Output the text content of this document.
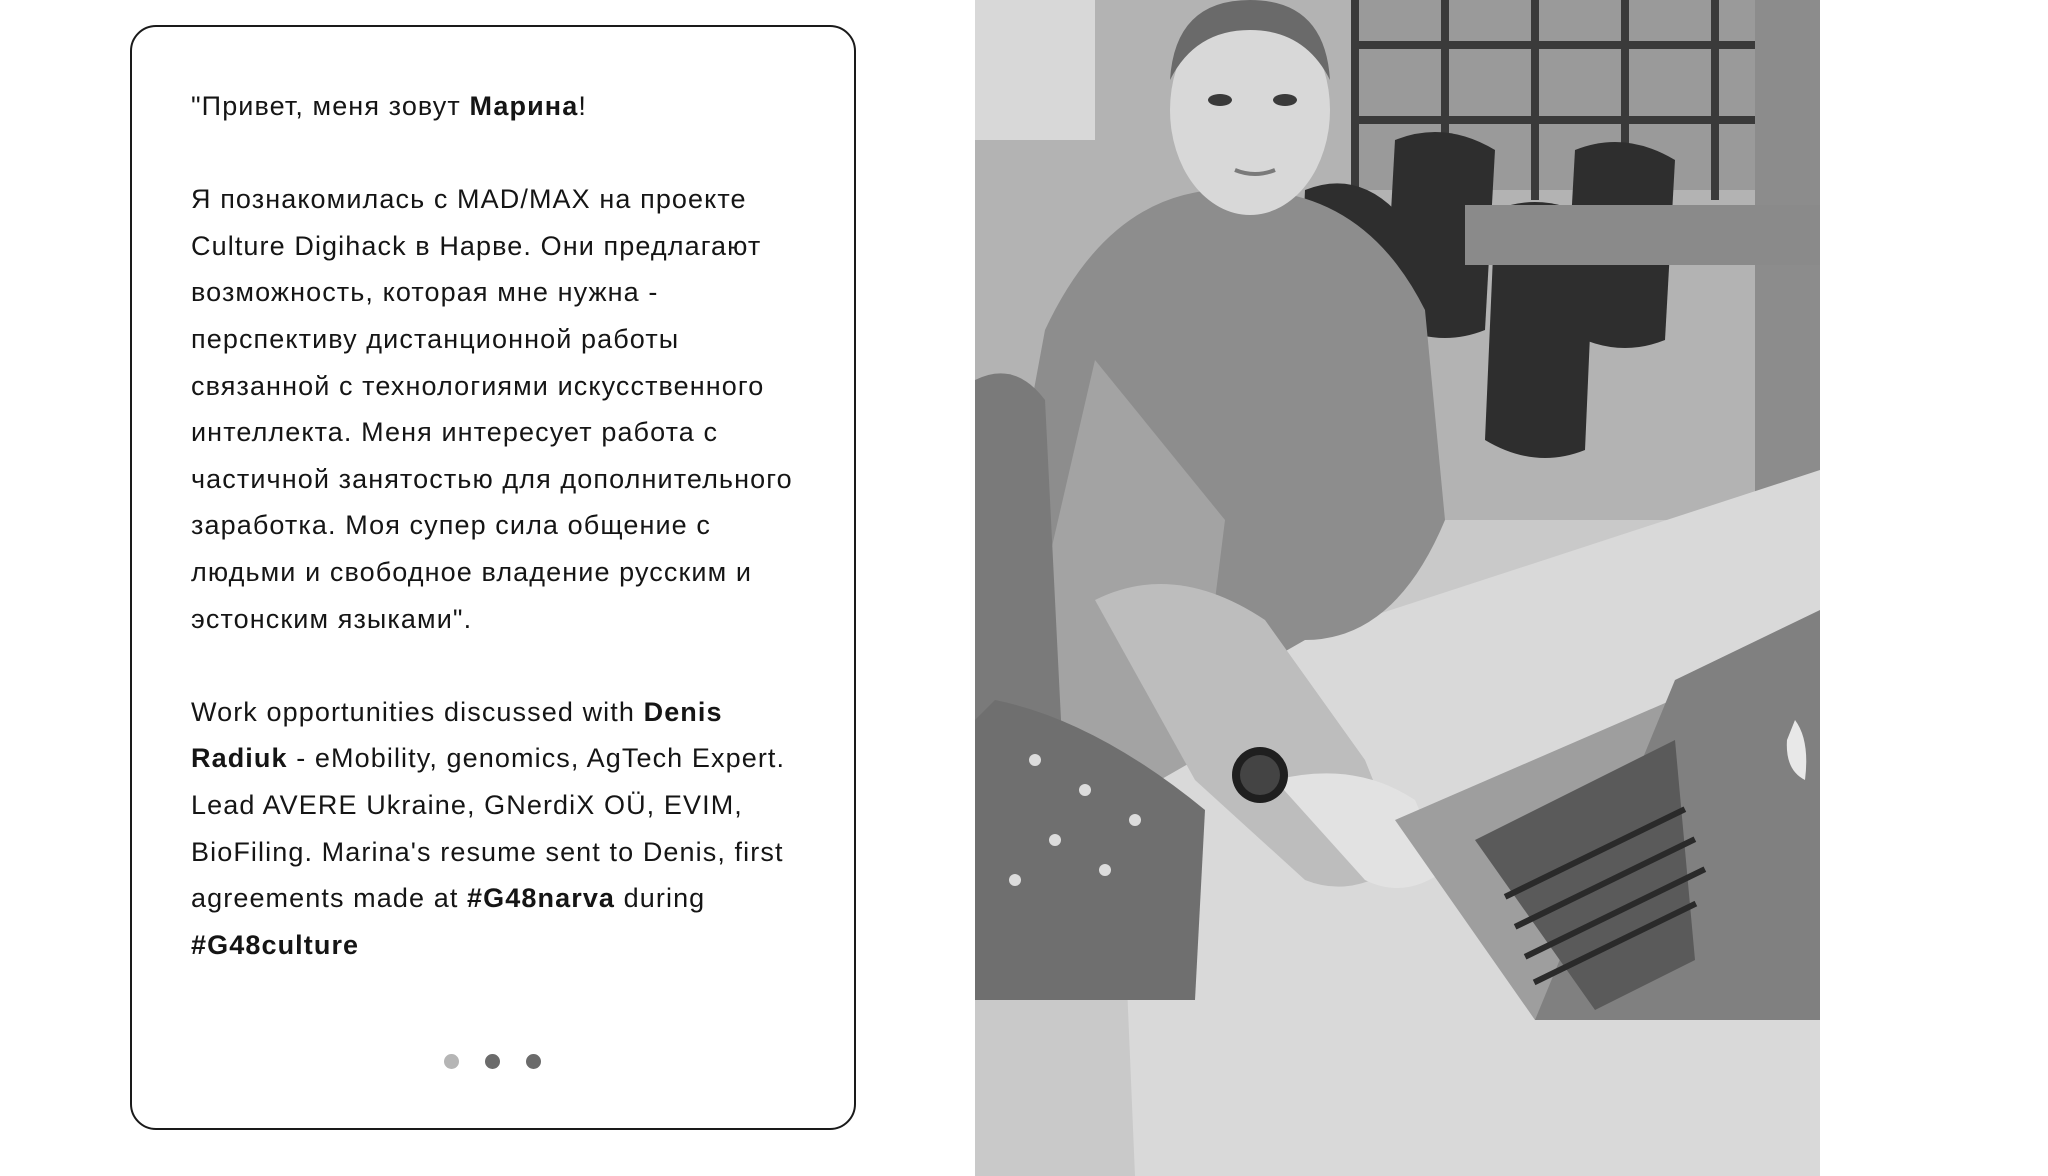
"Привет, меня зовут Марина!

Я познакомилась с MAD/MAX на проекте Culture Digihack в Нарве. Они предлагают возможность, которая мне нужна - перспективу дистанционной работы связанной с технологиями искусственного интеллекта. Меня интересует работа с частичной занятостью для дополнительного заработка. Моя супер сила общение с людьми и свободное владение русским и эстонским языками".

Work opportunities discussed with Denis Radiuk - eMobility, genomics, AgTech Expert. Lead AVERE Ukraine, GNerdiX OÜ, EVIM, BioFiling. Marina's resume sent to Denis, first agreements made at #G48narva during #G48culture
